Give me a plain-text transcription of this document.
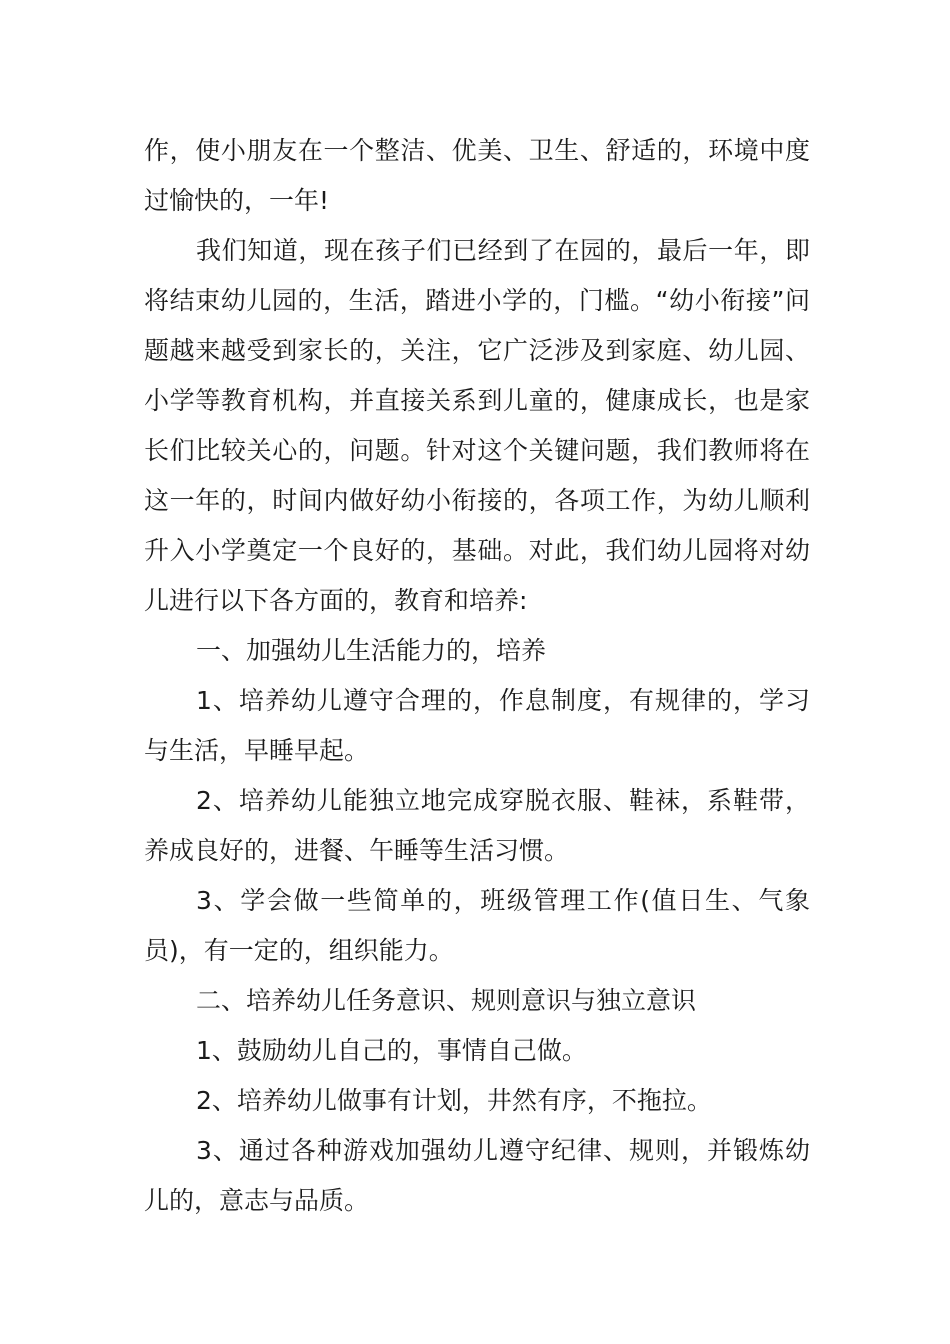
作，使小朋友在一个整洁、优美、卫生、舒适的，环境中度过愉快的，一年!

我们知道，现在孩子们已经到了在园的，最后一年，即将结束幼儿园的，生活，踏进小学的，门槛。“幼小衔接”问题越来越受到家长的，关注，它广泛涉及到家庭、幼儿园、小学等教育机构，并直接关系到儿童的，健康成长，也是家长们比较关心的，问题。针对这个关键问题，我们教师将在这一年的，时间内做好幼小衔接的，各项工作，为幼儿顺利升入小学奠定一个良好的，基础。对此，我们幼儿园将对幼儿进行以下各方面的，教育和培养:

一、加强幼儿生活能力的，培养

1、培养幼儿遵守合理的，作息制度，有规律的，学习与生活，早睡早起。

2、培养幼儿能独立地完成穿脱衣服、鞋袜，系鞋带，养成良好的，进餐、午睡等生活习惯。

3、学会做一些简单的，班级管理工作(值日生、气象员)，有一定的，组织能力。

二、培养幼儿任务意识、规则意识与独立意识

1、鼓励幼儿自己的，事情自己做。

2、培养幼儿做事有计划，井然有序，不拖拉。

3、通过各种游戏加强幼儿遵守纪律、规则，并锻炼幼儿的，意志与品质。
